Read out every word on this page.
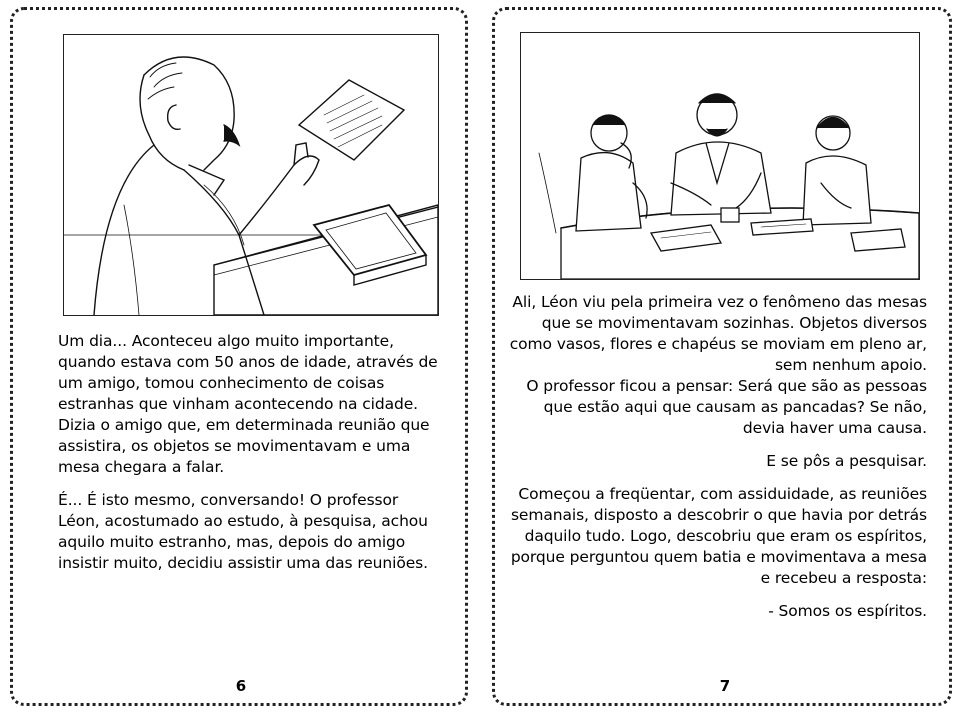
Um dia... Aconteceu algo muito importante, quando estava com 50 anos de idade, através de um amigo, tomou conhecimento de coisas estranhas que vinham acontecendo na cidade. Dizia o amigo que, em determinada reunião que assistira, os objetos se movimentavam e uma mesa chegara a falar.

É... É isto mesmo, conversando! O professor Léon, acostumado ao estudo, à pesquisa, achou aquilo muito estranho, mas, depois do amigo insistir muito, decidiu assistir uma das reuniões.

6

Ali, Léon viu pela primeira vez o fenômeno das mesas que se movimentavam sozinhas. Objetos diversos como vasos, flores e chapéus se moviam em pleno ar, sem nenhum apoio.

O professor ficou a pensar: Será que são as pessoas que estão aqui que causam as pancadas? Se não, devia haver uma causa.

E se pôs a pesquisar.

Começou a freqüentar, com assiduidade, as reuniões semanais, disposto a descobrir o que havia por detrás daquilo tudo. Logo, descobriu que eram os espíritos, porque perguntou quem batia e movimentava a mesa e recebeu a resposta:

- Somos os espíritos.

7
